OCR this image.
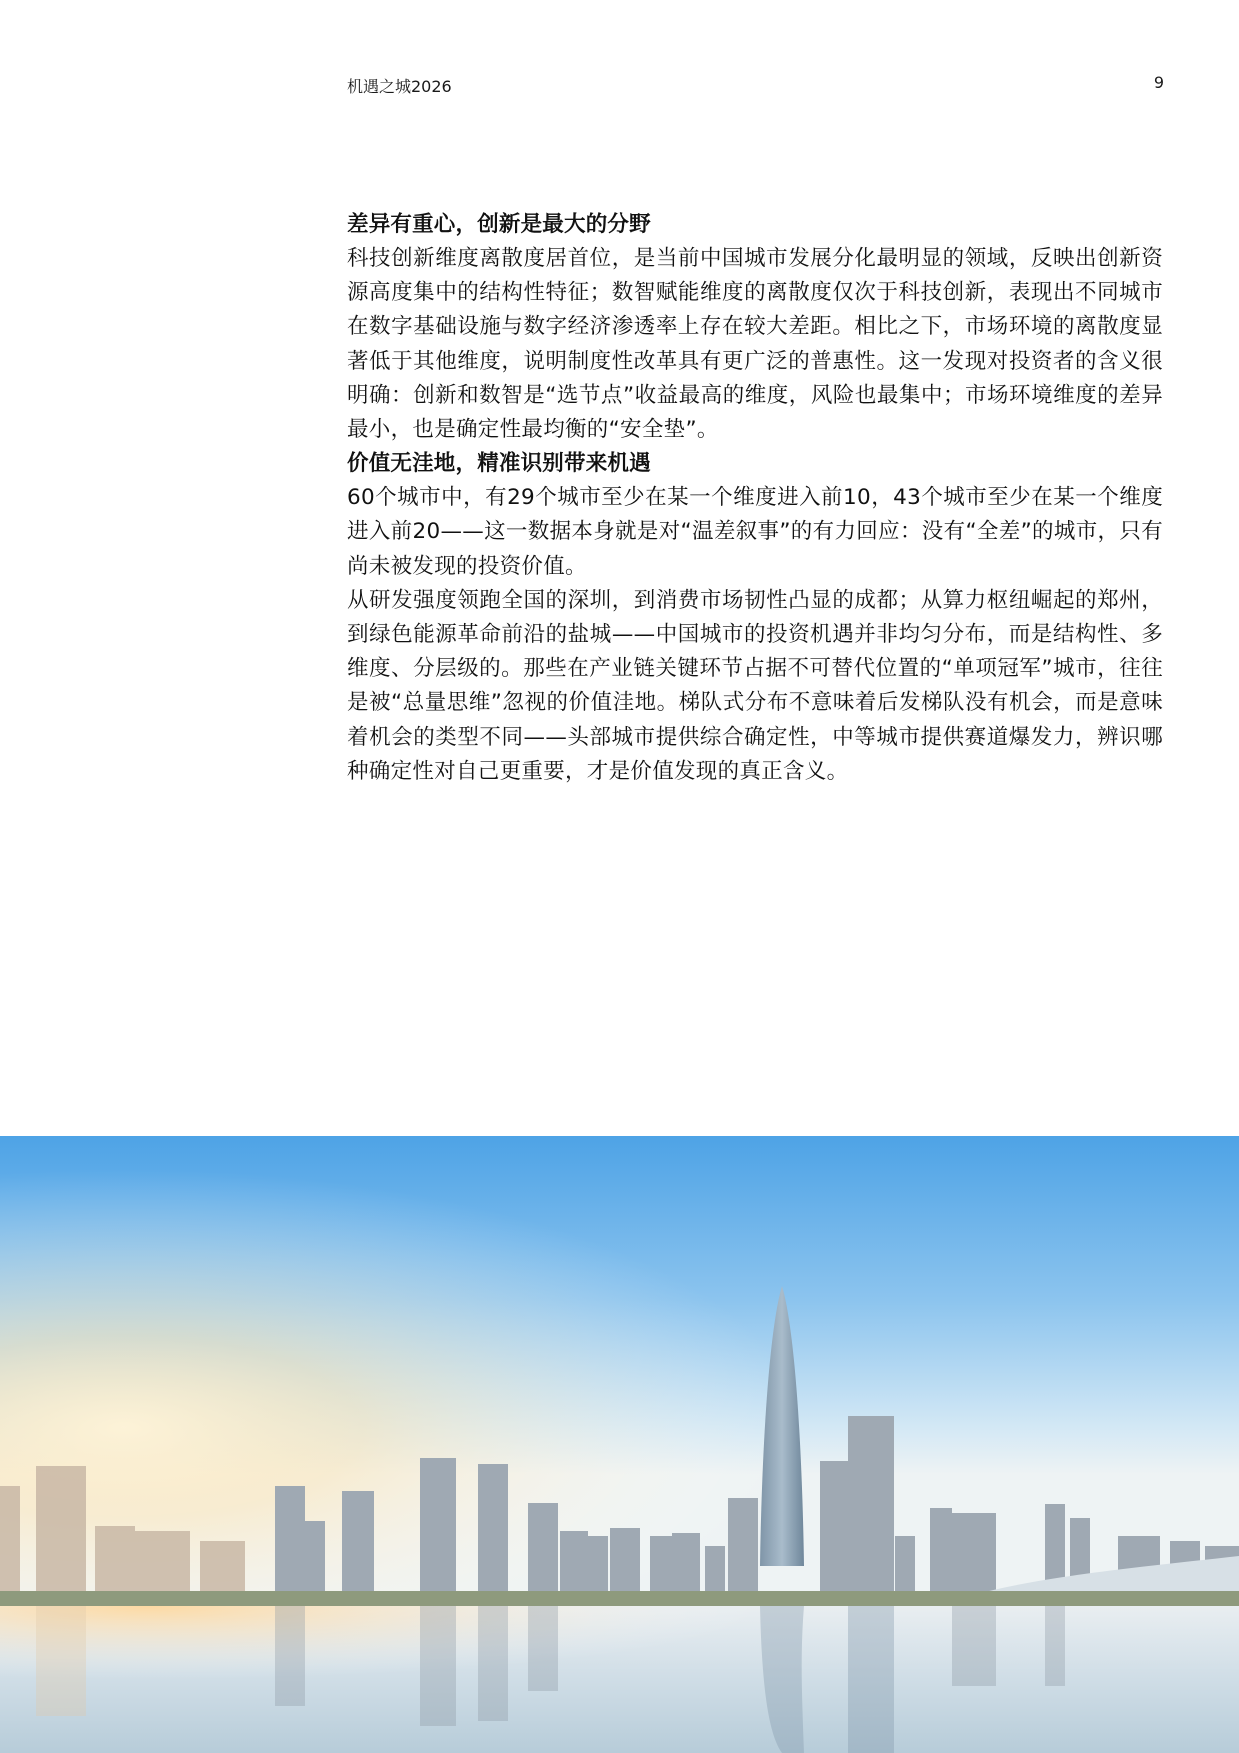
机遇之城2026	9
差异有重心，创新是最大的分野

科技创新维度离散度居首位，是当前中国城市发展分化最明显的领域，反映出创新资源高度集中的结构性特征；数智赋能维度的离散度仅次于科技创新，表现出不同城市在数字基础设施与数字经济渗透率上存在较大差距。相比之下，市场环境的离散度显著低于其他维度，说明制度性改革具有更广泛的普惠性。这一发现对投资者的含义很明确：创新和数智是“选节点”收益最高的维度，风险也最集中；市场环境维度的差异最小，也是确定性最均衡的“安全垫”。

价值无洼地，精准识别带来机遇

60个城市中，有29个城市至少在某一个维度进入前10，43个城市至少在某一个维度进入前20——这一数据本身就是对“温差叙事”的有力回应：没有“全差”的城市，只有尚未被发现的投资价值。

从研发强度领跑全国的深圳，到消费市场韧性凸显的成都；从算力枢纽崛起的郑州，到绿色能源革命前沿的盐城——中国城市的投资机遇并非均匀分布，而是结构性、多维度、分层级的。那些在产业链关键环节占据不可替代位置的“单项冠军”城市，往往是被“总量思维”忽视的价值洼地。梯队式分布不意味着后发梯队没有机会，而是意味着机会的类型不同——头部城市提供综合确定性，中等城市提供赛道爆发力，辨识哪种确定性对自己更重要，才是价值发现的真正含义。
